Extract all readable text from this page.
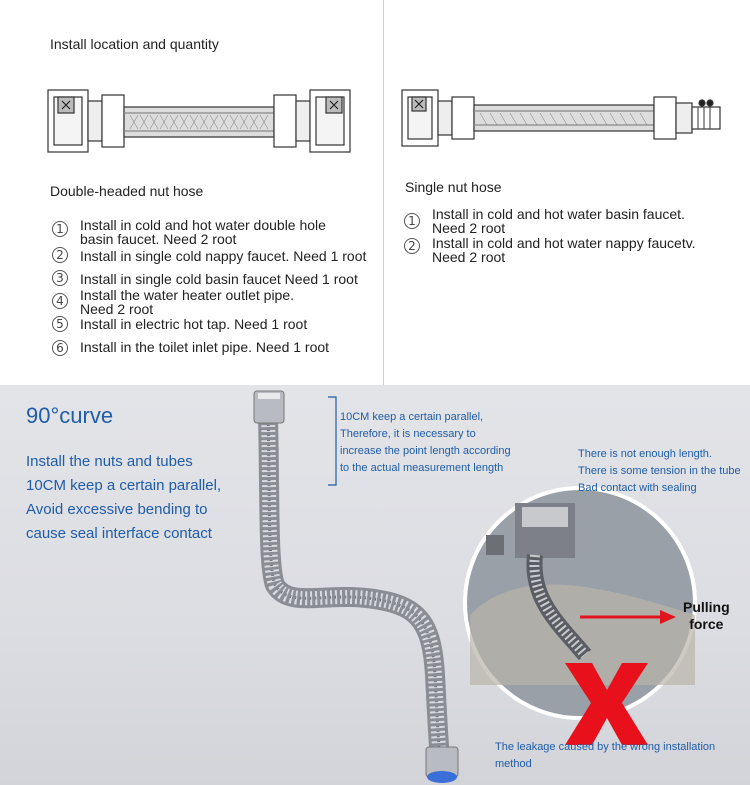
Install location and quantity
Double-headed nut hose
1 Install in cold and hot water double hole
basin faucet. Need 2 root
2 Install in single cold nappy faucet. Need 1 root
3 Install in single cold basin faucet Need 1 root
4 Install the water heater outlet pipe.
Need 2 root
5 Install in electric hot tap. Need 1 root
6 Install in the toilet inlet pipe. Need 1 root
Single nut hose
1 Install in cold and hot water basin faucet.
Need 2 root
2 Install in cold and hot water nappy faucetv.
Need 2 root
90°curve
Install the nuts and tubes
10CM keep a certain parallel,
Avoid excessive bending to
cause seal interface contact
10CM keep a certain parallel,
Therefore, it is necessary to
increase the point length according
to the actual measurement length
There is not enough length.
There is some tension in the tube
Bad contact with sealing
Pulling
force
The leakage caused by the wrong installation
method
